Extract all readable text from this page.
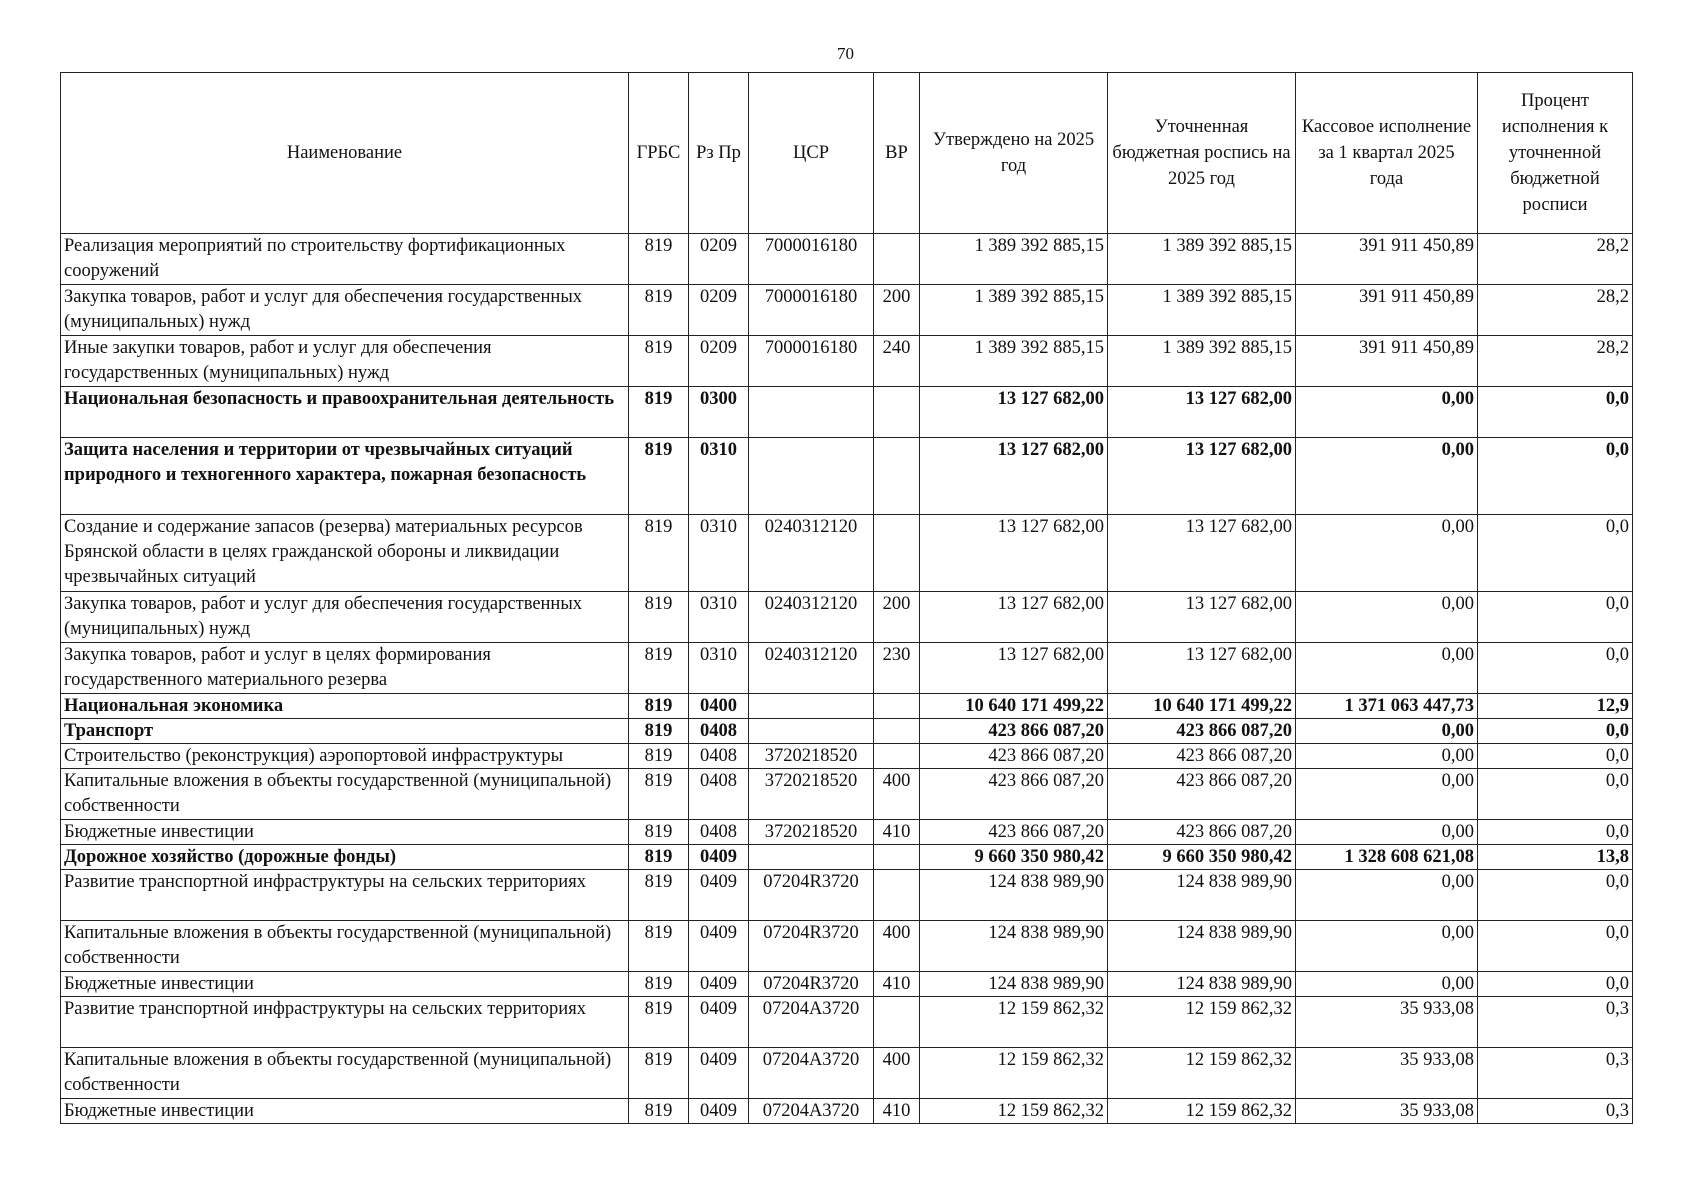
70
Наименование	ГРБС	Рз Пр	ЦСР	ВР	Утверждено на 2025 год	Уточненная бюджетная роспись на 2025 год	Кассовое исполнение за 1 квартал 2025 года	Процент исполнения к уточненной бюджетной росписи
Реализация мероприятий по строительству фортификационных сооружений	819	0209	7000016180		1 389 392 885,15	1 389 392 885,15	391 911 450,89	28,2
Закупка товаров, работ и услуг для обеспечения государственных (муниципальных) нужд	819	0209	7000016180	200	1 389 392 885,15	1 389 392 885,15	391 911 450,89	28,2
Иные закупки товаров, работ и услуг для обеспечения государственных (муниципальных) нужд	819	0209	7000016180	240	1 389 392 885,15	1 389 392 885,15	391 911 450,89	28,2
Национальная безопасность и правоохранительная деятельность	819	0300			13 127 682,00	13 127 682,00	0,00	0,0
Защита населения и территории от чрезвычайных ситуаций природного и техногенного характера, пожарная безопасность	819	0310			13 127 682,00	13 127 682,00	0,00	0,0
Создание и содержание запасов (резерва) материальных ресурсов Брянской области в целях гражданской обороны и ликвидации чрезвычайных ситуаций	819	0310	0240312120		13 127 682,00	13 127 682,00	0,00	0,0
Закупка товаров, работ и услуг для обеспечения государственных (муниципальных) нужд	819	0310	0240312120	200	13 127 682,00	13 127 682,00	0,00	0,0
Закупка товаров, работ и услуг в целях формирования государственного материального резерва	819	0310	0240312120	230	13 127 682,00	13 127 682,00	0,00	0,0
Национальная экономика	819	0400			10 640 171 499,22	10 640 171 499,22	1 371 063 447,73	12,9
Транспорт	819	0408			423 866 087,20	423 866 087,20	0,00	0,0
Строительство (реконструкция) аэропортовой инфраструктуры	819	0408	3720218520		423 866 087,20	423 866 087,20	0,00	0,0
Капитальные вложения в объекты государственной (муниципальной) собственности	819	0408	3720218520	400	423 866 087,20	423 866 087,20	0,00	0,0
Бюджетные инвестиции	819	0408	3720218520	410	423 866 087,20	423 866 087,20	0,00	0,0
Дорожное хозяйство (дорожные фонды)	819	0409			9 660 350 980,42	9 660 350 980,42	1 328 608 621,08	13,8
Развитие транспортной инфраструктуры на сельских территориях	819	0409	07204R3720		124 838 989,90	124 838 989,90	0,00	0,0
Капитальные вложения в объекты государственной (муниципальной) собственности	819	0409	07204R3720	400	124 838 989,90	124 838 989,90	0,00	0,0
Бюджетные инвестиции	819	0409	07204R3720	410	124 838 989,90	124 838 989,90	0,00	0,0
Развитие транспортной инфраструктуры на сельских территориях	819	0409	07204A3720		12 159 862,32	12 159 862,32	35 933,08	0,3
Капитальные вложения в объекты государственной (муниципальной) собственности	819	0409	07204A3720	400	12 159 862,32	12 159 862,32	35 933,08	0,3
Бюджетные инвестиции	819	0409	07204A3720	410	12 159 862,32	12 159 862,32	35 933,08	0,3
